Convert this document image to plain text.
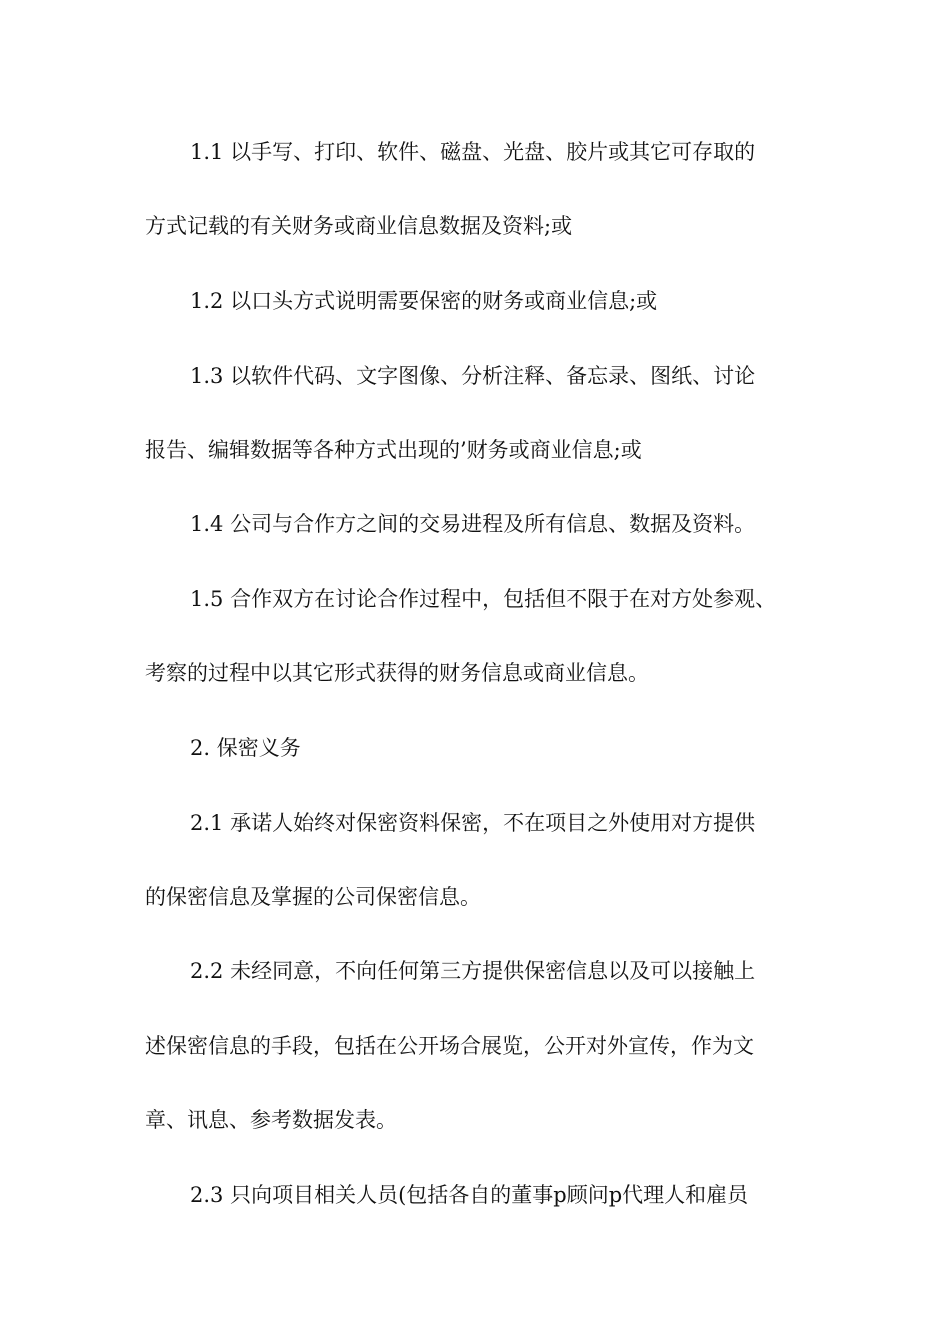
1.1 以手写、打印、软件、磁盘、光盘、胶片或其它可存取的

方式记载的有关财务或商业信息数据及资料;或

1.2 以口头方式说明需要保密的财务或商业信息;或

1.3 以软件代码、文字图像、分析注释、备忘录、图纸、讨论

报告、编辑数据等各种方式出现的’财务或商业信息;或

1.4 公司与合作方之间的交易进程及所有信息、数据及资料。

1.5 合作双方在讨论合作过程中，包括但不限于在对方处参观、

考察的过程中以其它形式获得的财务信息或商业信息。

2. 保密义务

2.1 承诺人始终对保密资料保密，不在项目之外使用对方提供

的保密信息及掌握的公司保密信息。

2.2 未经同意，不向任何第三方提供保密信息以及可以接触上

述保密信息的手段，包括在公开场合展览，公开对外宣传，作为文

章、讯息、参考数据发表。

2.3 只向项目相关人员(包括各自的董事p顾问p代理人和雇员
